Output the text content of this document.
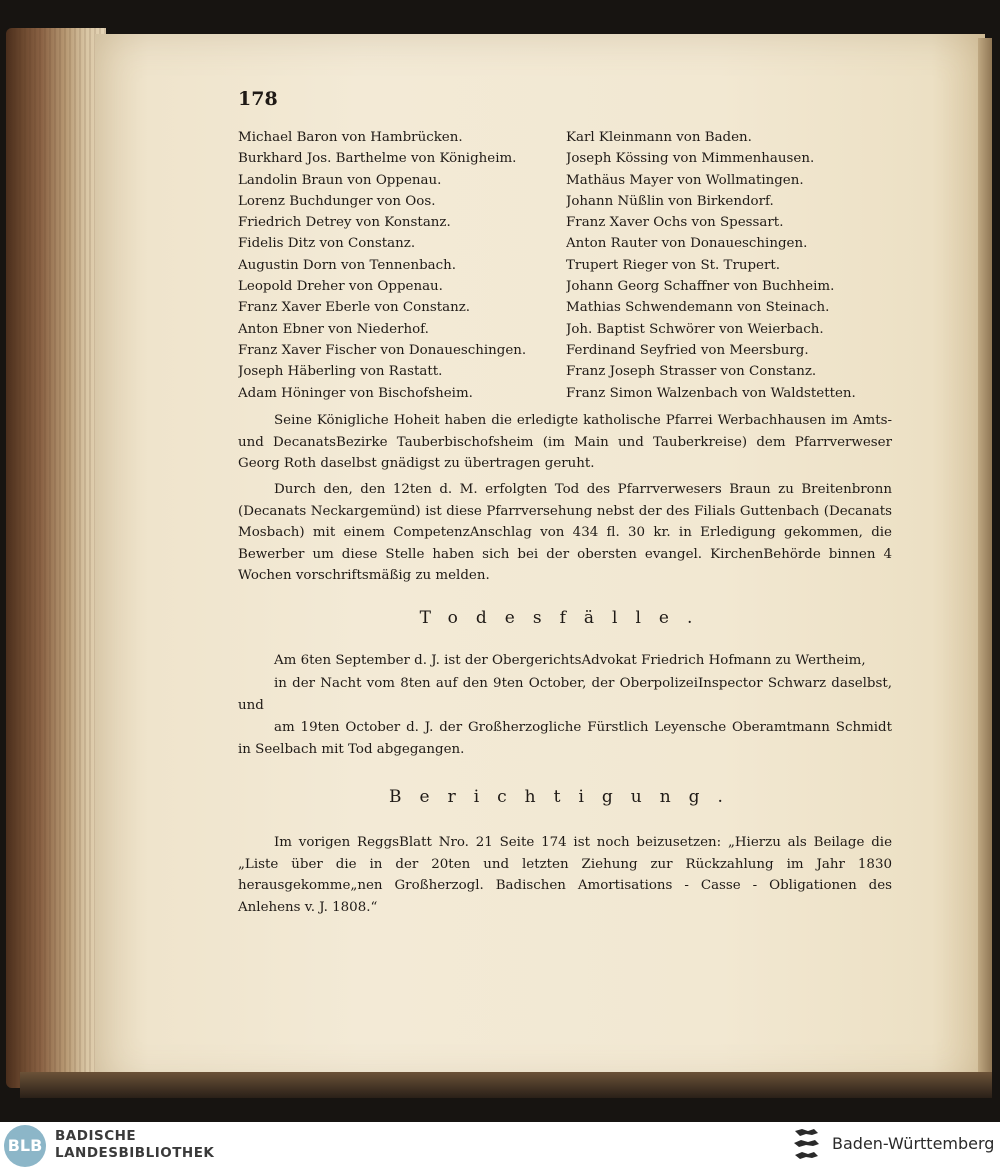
178
Michael Baron von Hambrücken.	Karl Kleinmann von Baden.
Burkhard Jos. Barthelme von Königheim.	Joseph Kössing von Mimmenhausen.
Landolin Braun von Oppenau.	Mathäus Mayer von Wollmatingen.
Lorenz Buchdunger von Oos.	Johann Nüßlin von Birkendorf.
Friedrich Detrey von Konstanz.	Franz Xaver Ochs von Spessart.
Fidelis Ditz von Constanz.	Anton Rauter von Donaueschingen.
Augustin Dorn von Tennenbach.	Trupert Rieger von St. Trupert.
Leopold Dreher von Oppenau.	Johann Georg Schaffner von Buchheim.
Franz Xaver Eberle von Constanz.	Mathias Schwendemann von Steinach.
Anton Ebner von Niederhof.	Joh. Baptist Schwörer von Weierbach.
Franz Xaver Fischer von Donaueschingen.	Ferdinand Seyfried von Meersburg.
Joseph Häberling von Rastatt.	Franz Joseph Strasser von Constanz.
Adam Höninger von Bischofsheim.	Franz Simon Walzenbach von Waldstetten.
Seine Königliche Hoheit haben die erledigte katholische Pfarrei Werbachhausen im Amts- und DecanatsBezirke Tauberbischofsheim (im Main und Tauberkreise) dem Pfarrverweser Georg Roth daselbst gnädigst zu übertragen geruht.
Durch den, den 12ten d. M. erfolgten Tod des Pfarrverwesers Braun zu Breitenbronn (Decanats Neckargemünd) ist diese Pfarrversehung nebst der des Filials Guttenbach (Decanats Mosbach) mit einem CompetenzAnschlag von 434 fl. 30 kr. in Erledigung gekommen, die Bewerber um diese Stelle haben sich bei der obersten evangel. KirchenBehörde binnen 4 Wochen vorschriftsmäßig zu melden.
Todesfälle.
Am 6ten September d. J. ist der ObergerichtsAdvokat Friedrich Hofmann zu Wertheim,
in der Nacht vom 8ten auf den 9ten October, der OberpolizeiInspector Schwarz daselbst, und
am 19ten October d. J. der Großherzogliche Fürstlich Leyensche Oberamtmann Schmidt in Seelbach mit Tod abgegangen.
Berichtigung.
Im vorigen ReggsBlatt Nro. 21 Seite 174 ist noch beizusetzen: „Hierzu als Beilage die „Liste über die in der 20ten und letzten Ziehung zur Rückzahlung im Jahr 1830 herausgekomme„nen Großherzogl. Badischen Amortisations - Casse - Obligationen des Anlehens v. J. 1808.“
BLB BADISCHE
LANDESBIBLIOTHEK	Baden-Württemberg
